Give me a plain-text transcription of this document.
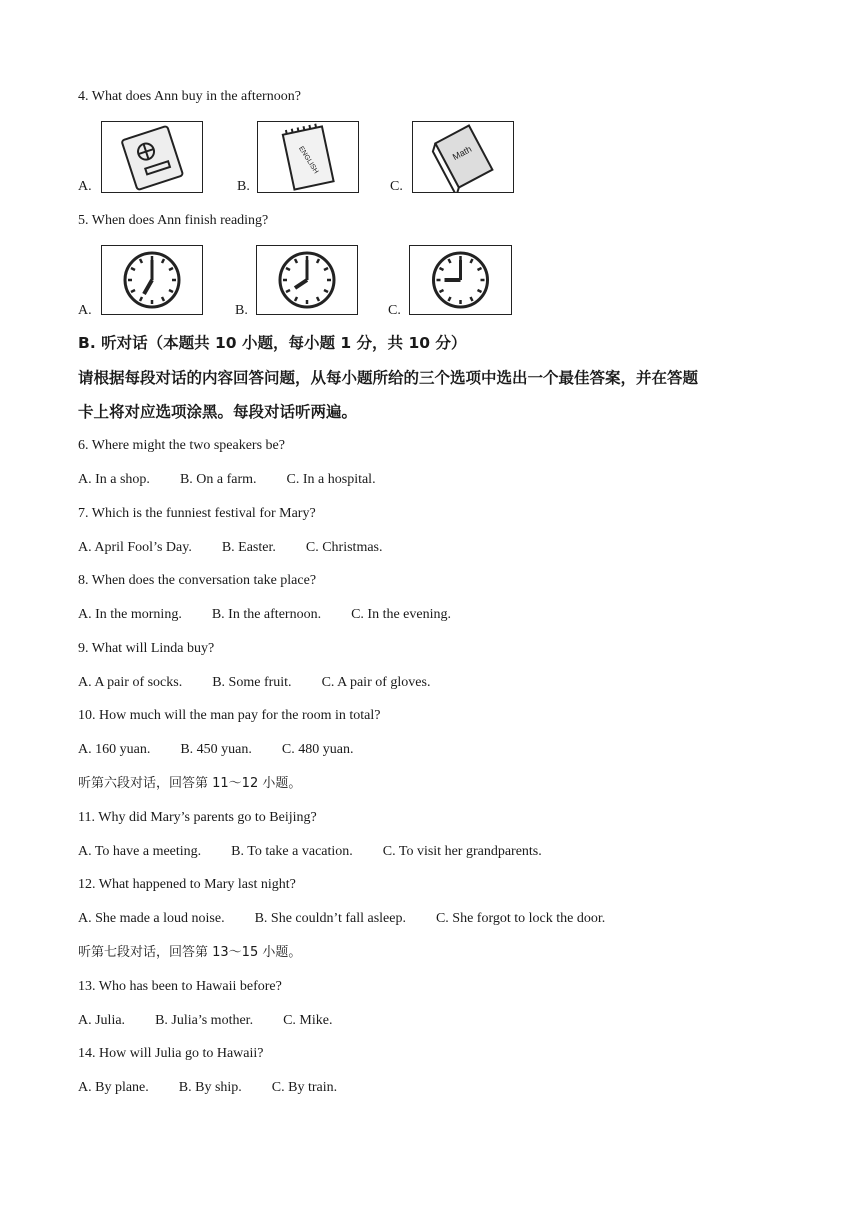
4. What does Ann buy in the afternoon?
A.	B.
ENGLISH
C.
Math
5. When does Ann finish reading?
A.	B.	C.
B. 听对话（本题共 10 小题，每小题 1 分，共 10 分）
请根据每段对话的内容回答问题，从每小题所给的三个选项中选出一个最佳答案，并在答题
卡上将对应选项涂黑。每段对话听两遍。
6. Where might the two speakers be?
A. In a shop. B. On a farm. C. In a hospital.
7. Which is the funniest festival for Mary?
A. April Fool’s Day. B. Easter. C. Christmas.
8. When does the conversation take place?
A. In the morning. B. In the afternoon. C. In the evening.
9. What will Linda buy?
A. A pair of socks. B. Some fruit. C. A pair of gloves.
10. How much will the man pay for the room in total?
A. 160 yuan. B. 450 yuan. C. 480 yuan.
听第六段对话，回答第 11～12 小题。
11. Why did Mary’s parents go to Beijing?
A. To have a meeting. B. To take a vacation. C. To visit her grandparents.
12. What happened to Mary last night?
A. She made a loud noise. B. She couldn’t fall asleep. C. She forgot to lock the door.
听第七段对话，回答第 13～15 小题。
13. Who has been to Hawaii before?
A. Julia. B. Julia’s mother. C. Mike.
14. How will Julia go to Hawaii?
A. By plane. B. By ship. C. By train.
